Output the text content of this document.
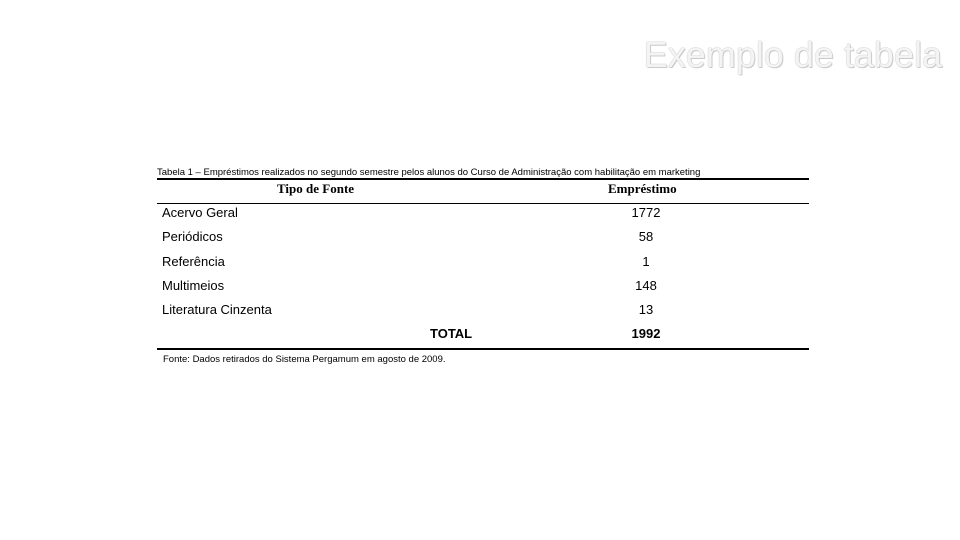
Exemplo de tabela
Tabela 1 – Empréstimos realizados no segundo semestre pelos alunos do Curso de Administração com habilitação em marketing
Tipo de Fonte	Empréstimo
Acervo Geral	1772
Periódicos	58
Referência	1
Multimeios	148
Literatura Cinzenta	13
TOTAL	1992
Fonte: Dados retirados do Sistema Pergamum em agosto de 2009.
